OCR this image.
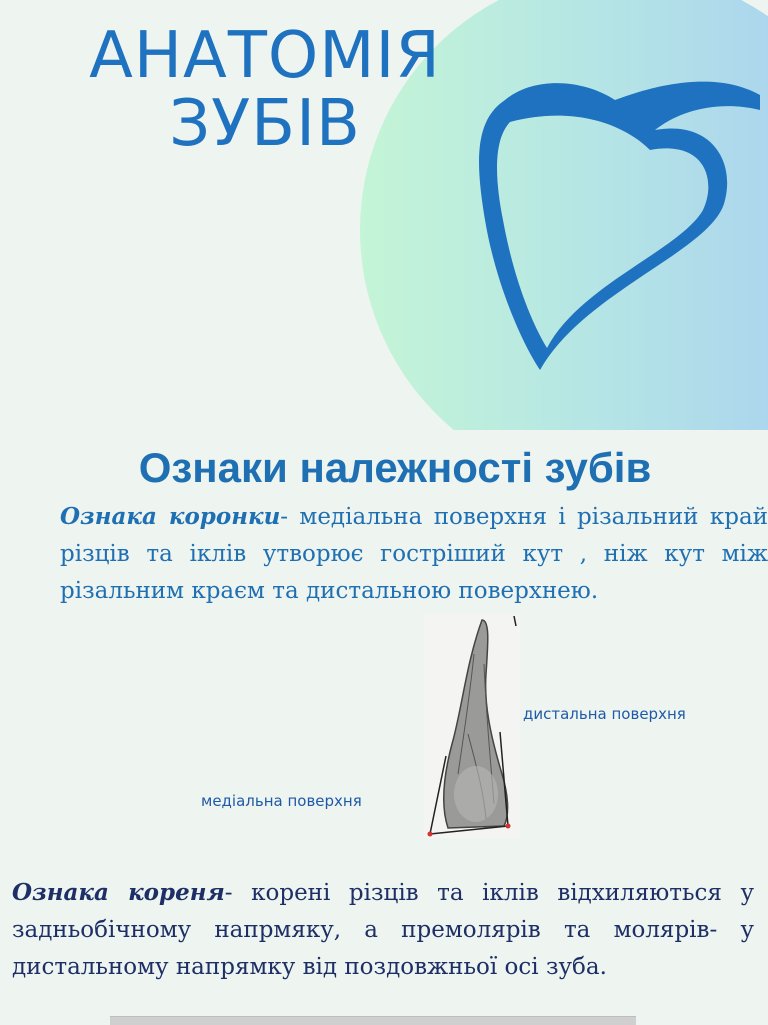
АНАТОМІЯ
ЗУБІВ
Ознаки належності зубів

Ознака коронки- медіальна поверхня і різальний край різців та іклів утворює гостріший кут , ніж кут між різальним краєм та дистальною поверхнею.

дистальна поверхня
медіальна поверхня

Ознака кореня- корені різців та іклів відхиляються у задньобічному напрмяку, а премолярів та молярів- у дистальному напрямку від поздовжньої осі зуба.
